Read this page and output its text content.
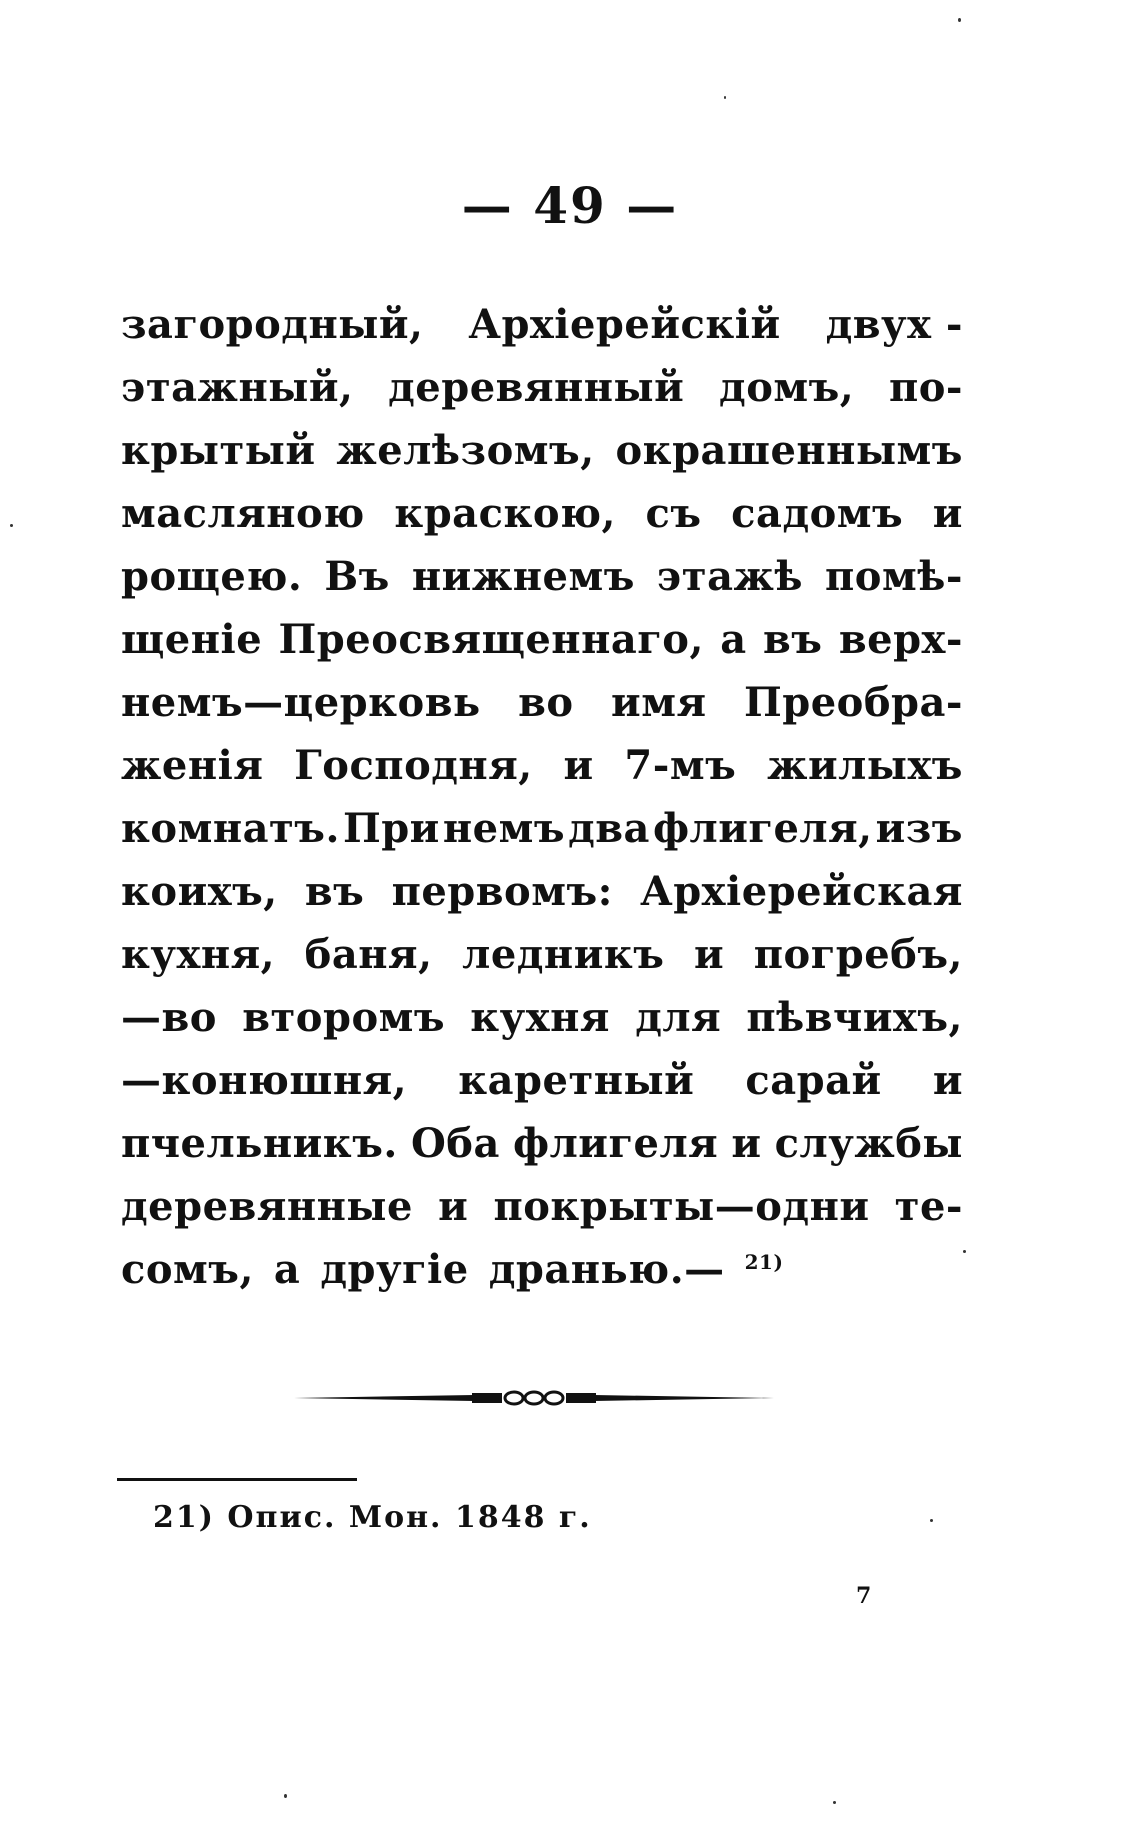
— 49 —
загородный, Архіерейскій двух -
этажный, деревянный домъ, по-
крытый желѣзомъ, окрашеннымъ
масляною краскою, съ садомъ и
рощею. Въ нижнемъ этажѣ помѣ-
щеніе Преосвященнаго, а въ верх-
немъ—церковь во имя Преобра-
женія Господня, и 7-мъ жилыхъ
комнатъ. При немъ два флигеля, изъ
коихъ, въ первомъ: Архіерейская
кухня, баня, ледникъ и погребъ,
—во второмъ кухня для пѣвчихъ,
—конюшня, каретный сарай и
пчельникъ. Оба флигеля и службы
деревянные и покрыты—одни те-
сомъ, а другіе дранью.— $^{21)}$
21) Опис. Мон. 1848 г.
7
